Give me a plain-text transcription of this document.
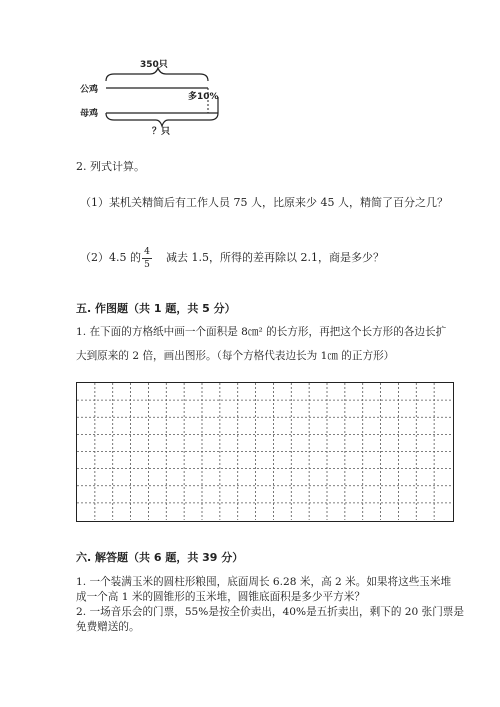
350只
公鸡
母鸡
多10%
？只
2. 列式计算。
（1）某机关精简后有工作人员 75 人，比原来少 45 人，精简了百分之几？
（2）4.5 的 4
5
减去 1.5，所得的差再除以 2.1，商是多少？
五. 作图题（共 1 题，共 5 分）
1. 在下面的方格纸中画一个面积是 8㎝² 的长方形，再把这个长方形的各边长扩
大到原来的 2 倍，画出图形。（每个方格代表边长为 1㎝ 的正方形）
六. 解答题（共 6 题，共 39 分）
1. 一个装满玉米的圆柱形粮囤，底面周长 6.28 米，高 2 米。如果将这些玉米堆
成一个高 1 米的圆锥形的玉米堆，圆锥底面积是多少平方米？
2. 一场音乐会的门票，55%是按全价卖出，40%是五折卖出，剩下的 20 张门票是
免费赠送的。
